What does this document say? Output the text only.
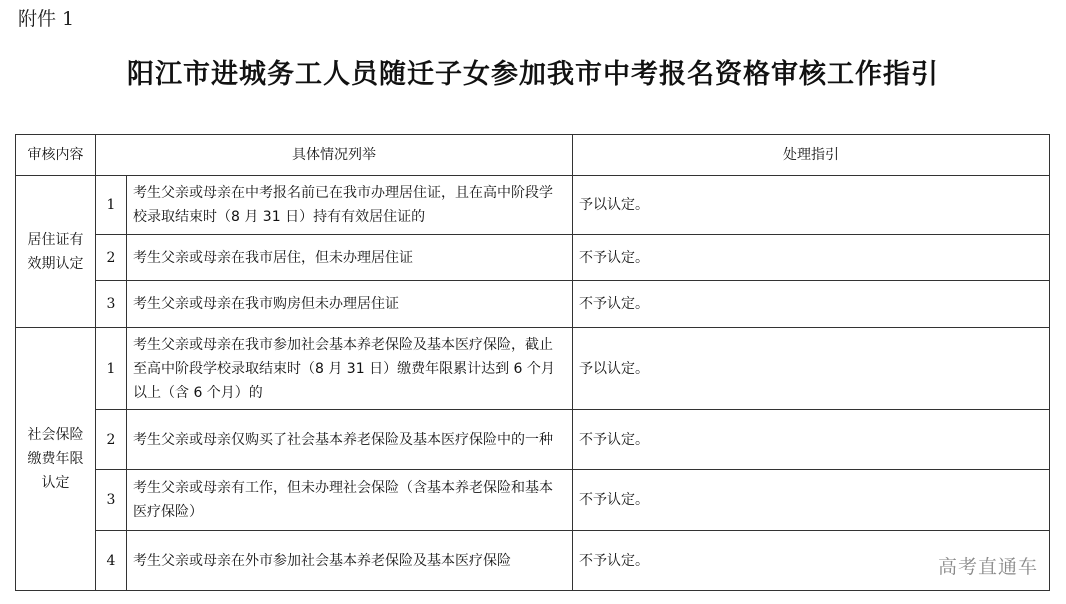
附件 1
阳江市进城务工人员随迁子女参加我市中考报名资格审核工作指引
审核内容	具体情况列举		处理指引
居住证有效期认定	1	考生父亲或母亲在中考报名前已在我市办理居住证，且在高中阶段学校录取结束时（8 月 31 日）持有有效居住证的	予以认定。
	2	考生父亲或母亲在我市居住，但未办理居住证	不予认定。
	3	考生父亲或母亲在我市购房但未办理居住证	不予认定。
社会保险缴费年限认定	1	考生父亲或母亲在我市参加社会基本养老保险及基本医疗保险，截止至高中阶段学校录取结束时（8 月 31 日）缴费年限累计达到 6 个月以上（含 6 个月）的	予以认定。
	2	考生父亲或母亲仅购买了社会基本养老保险及基本医疗保险中的一种	不予认定。
	3	考生父亲或母亲有工作，但未办理社会保险（含基本养老保险和基本医疗保险）	不予认定。
	4	考生父亲或母亲在外市参加社会基本养老保险及基本医疗保险	不予认定。	高考直通车
